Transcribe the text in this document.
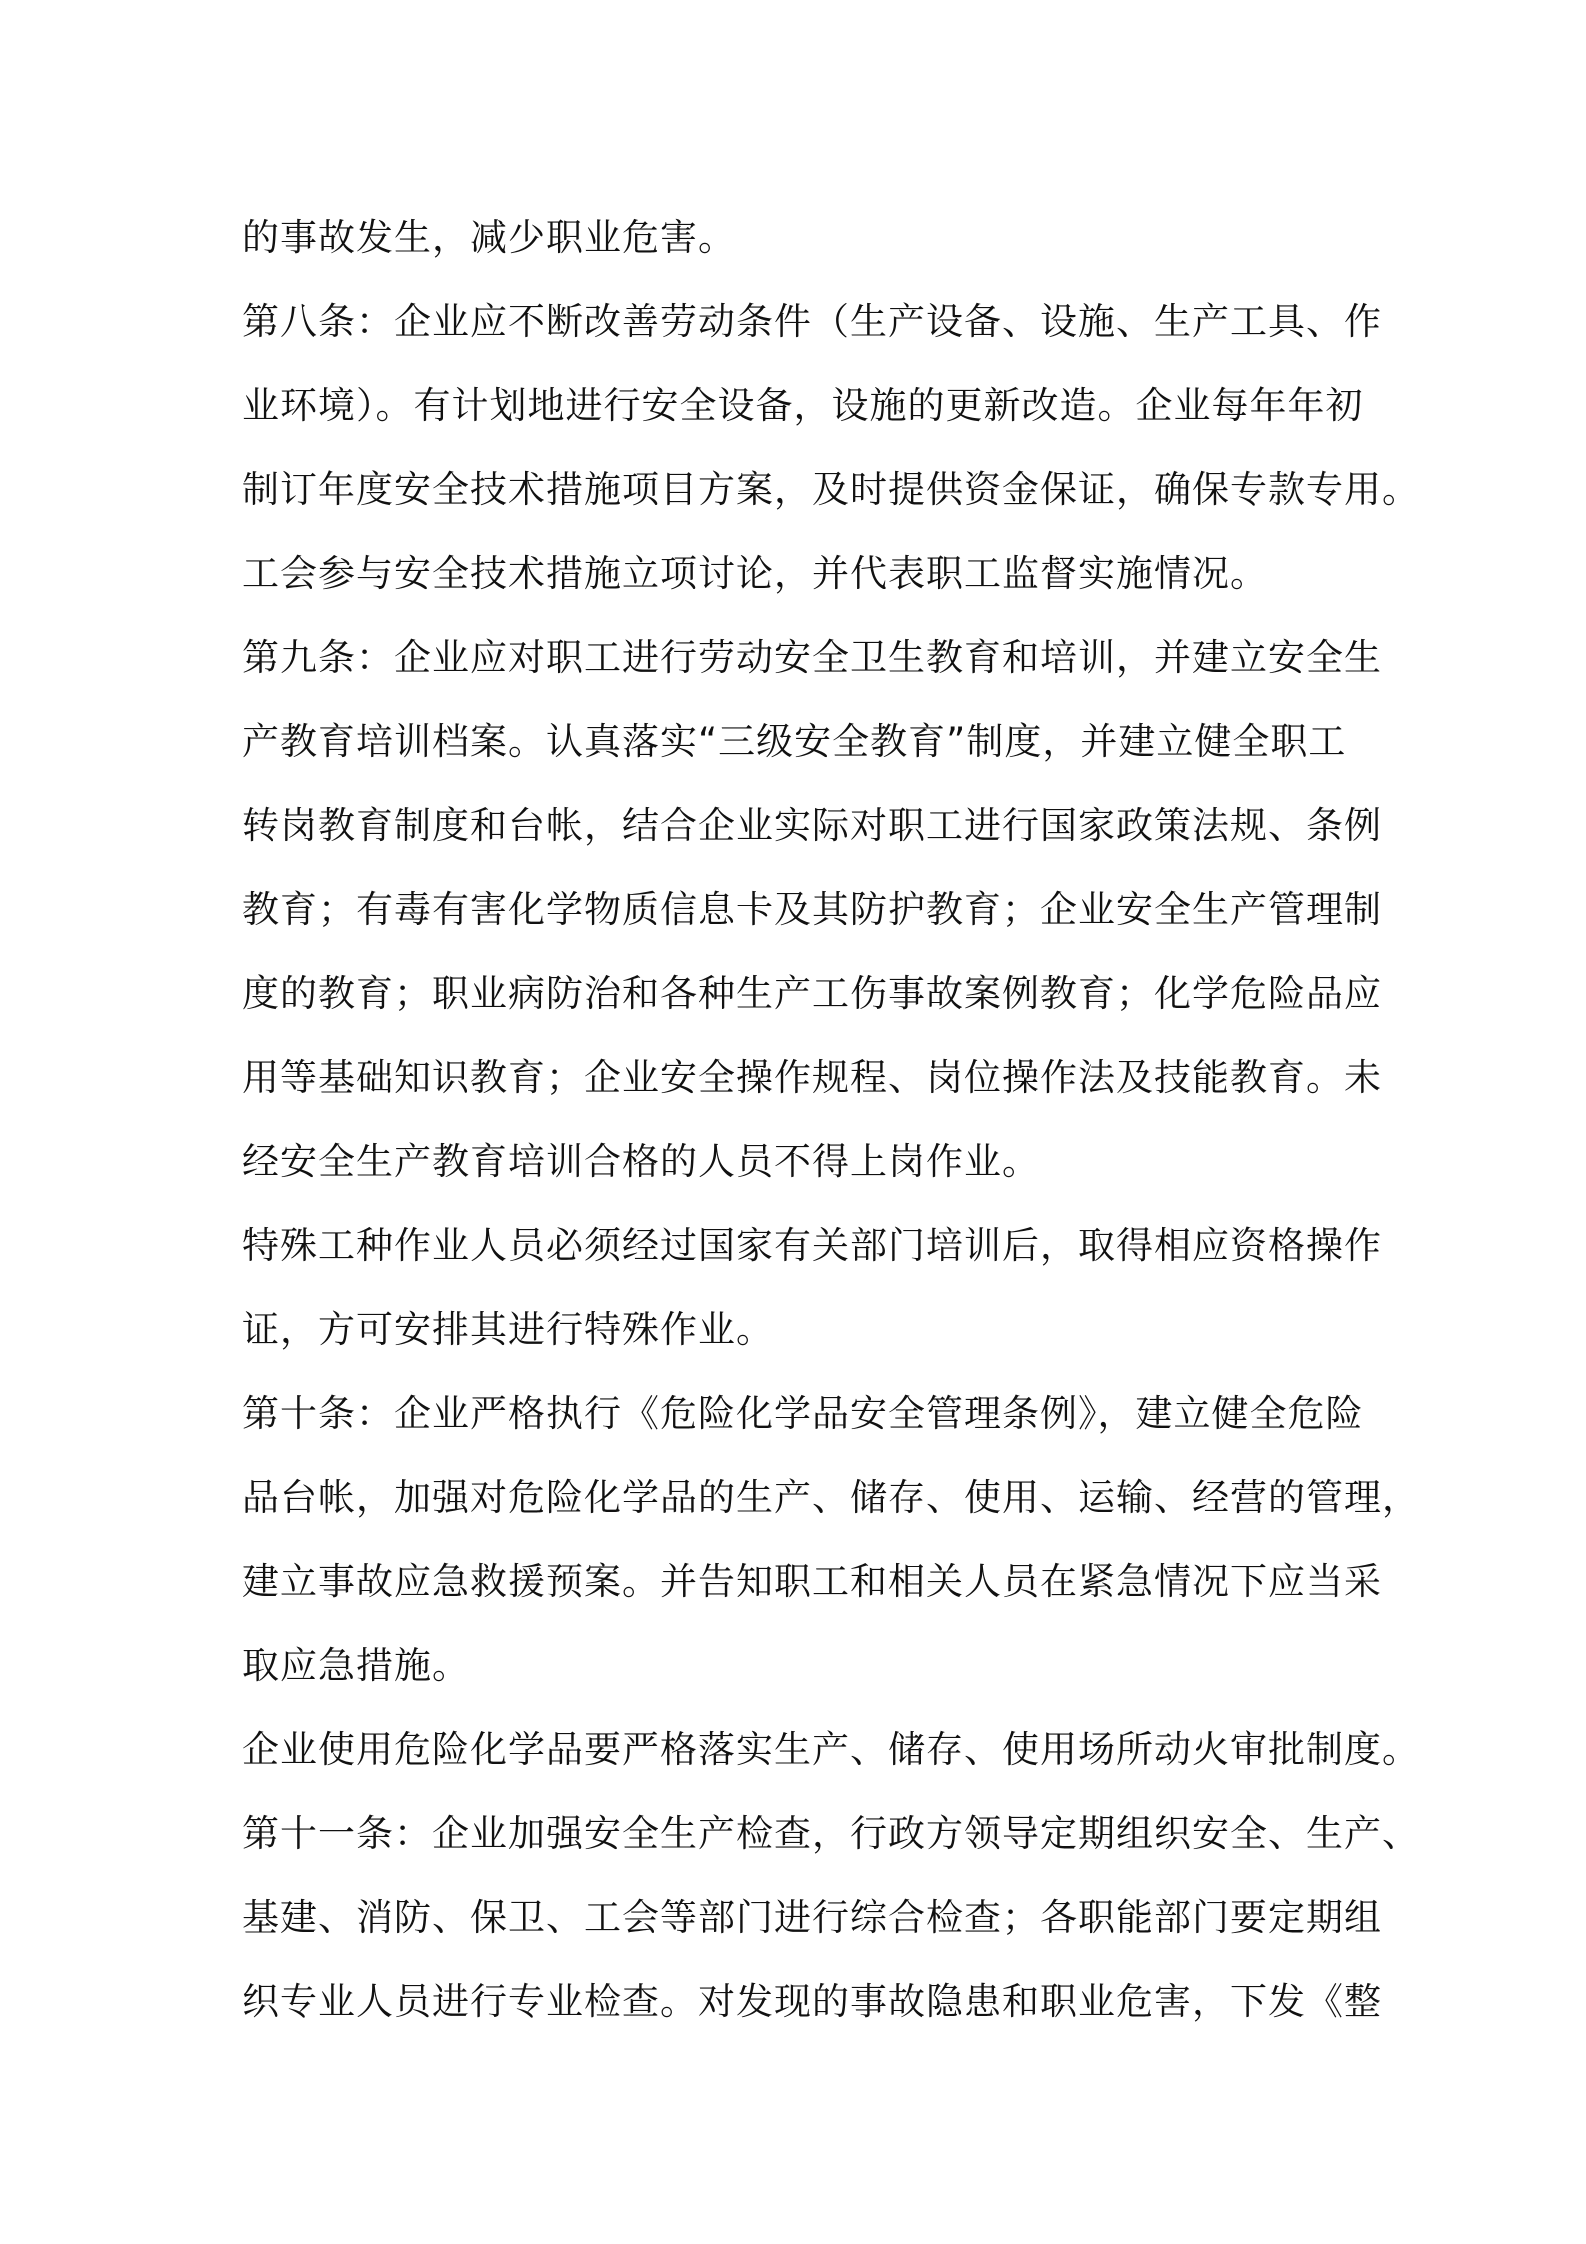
的事故发生，减少职业危害。
第八条：企业应不断改善劳动条件（生产设备、设施、生产工具、作
业环境）。有计划地进行安全设备，设施的更新改造。企业每年年初
制订年度安全技术措施项目方案，及时提供资金保证，确保专款专用。
工会参与安全技术措施立项讨论，并代表职工监督实施情况。
第九条：企业应对职工进行劳动安全卫生教育和培训，并建立安全生
产教育培训档案。认真落实“三级安全教育”制度，并建立健全职工
转岗教育制度和台帐，结合企业实际对职工进行国家政策法规、条例
教育；有毒有害化学物质信息卡及其防护教育；企业安全生产管理制
度的教育；职业病防治和各种生产工伤事故案例教育；化学危险品应
用等基础知识教育；企业安全操作规程、岗位操作法及技能教育。未
经安全生产教育培训合格的人员不得上岗作业。
特殊工种作业人员必须经过国家有关部门培训后，取得相应资格操作
证，方可安排其进行特殊作业。
第十条：企业严格执行《危险化学品安全管理条例》，建立健全危险
品台帐，加强对危险化学品的生产、储存、使用、运输、经营的管理，
建立事故应急救援预案。并告知职工和相关人员在紧急情况下应当采
取应急措施。
企业使用危险化学品要严格落实生产、储存、使用场所动火审批制度。
第十一条：企业加强安全生产检查，行政方领导定期组织安全、生产、
基建、消防、保卫、工会等部门进行综合检查；各职能部门要定期组
织专业人员进行专业检查。对发现的事故隐患和职业危害，下发《整
